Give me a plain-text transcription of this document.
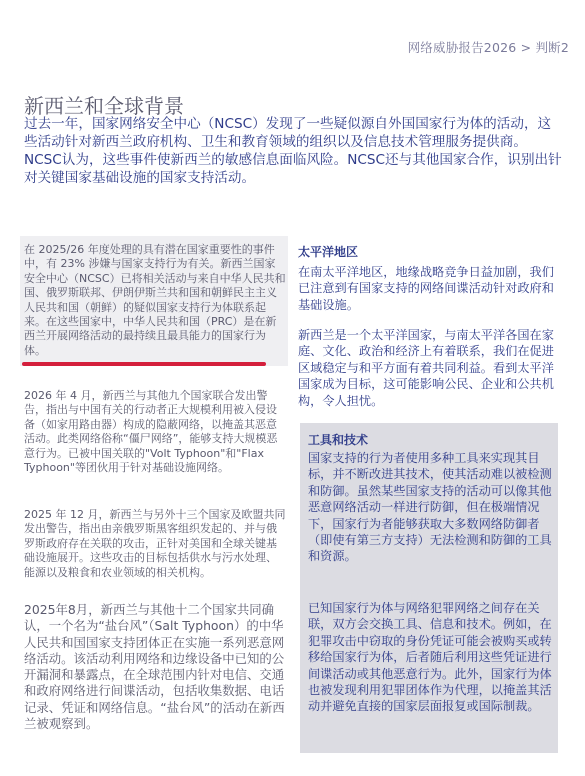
网络威胁报告2026 > 判断2
新西兰和全球背景

过去一年，国家网络安全中心（NCSC）发现了一些疑似源自外国国家行为体的活动，这些活动针对新西兰政府机构、卫生和教育领域的组织以及信息技术管理服务提供商。NCSC认为，这些事件使新西兰的敏感信息面临风险。NCSC还与其他国家合作，识别出针对关键国家基础设施的国家支持活动。

在 2025/26 年度处理的具有潜在国家重要性的事件中，有 23% 涉嫌与国家支持行为有关。新西兰国家安全中心（NCSC）已将相关活动与来自中华人民共和国、俄罗斯联邦、伊朗伊斯兰共和国和朝鲜民主主义人民共和国（朝鲜）的疑似国家支持行为体联系起来。在这些国家中，中华人民共和国（PRC）是在新西兰开展网络活动的最持续且最具能力的国家行为体。

2026 年 4 月，新西兰与其他九个国家联合发出警告，指出与中国有关的行动者正大规模利用被入侵设备（如家用路由器）构成的隐蔽网络，以掩盖其恶意活动。此类网络俗称“僵尸网络”，能够支持大规模恶意行为。已被中国关联的"Volt Typhoon"和"Flax Typhoon"等团伙用于针对基础设施网络。

2025 年 12 月，新西兰与另外十三个国家及欧盟共同发出警告，指出由亲俄罗斯黑客组织发起的、并与俄罗斯政府存在关联的攻击，正针对美国和全球关键基础设施展开。这些攻击的目标包括供水与污水处理、能源以及粮食和农业领域的相关机构。

2025年8月，新西兰与其他十二个国家共同确认，一个名为“盐台风”（Salt Typhoon）的中华人民共和国国家支持团体正在实施一系列恶意网络活动。该活动利用网络和边缘设备中已知的公开漏洞和暴露点，在全球范围内针对电信、交通和政府网络进行间谍活动，包括收集数据、电话记录、凭证和网络信息。“盐台风”的活动在新西兰被观察到。

太平洋地区

在南太平洋地区，地缘战略竞争日益加剧，我们已注意到有国家支持的网络间谍活动针对政府和基础设施。

新西兰是一个太平洋国家，与南太平洋各国在家庭、文化、政治和经济上有着联系，我们在促进区域稳定与和平方面有着共同利益。看到太平洋国家成为目标，这可能影响公民、企业和公共机构，令人担忧。

工具和技术

国家支持的行为者使用多种工具来实现其目标，并不断改进其技术，使其活动难以被检测和防御。虽然某些国家支持的活动可以像其他恶意网络活动一样进行防御，但在极端情况下，国家行为者能够获取大多数网络防御者（即使有第三方支持）无法检测和防御的工具和资源。

已知国家行为体与网络犯罪网络之间存在关联，双方会交换工具、信息和技术。例如，在犯罪攻击中窃取的身份凭证可能会被购买或转移给国家行为体，后者随后利用这些凭证进行间谍活动或其他恶意行为。此外，国家行为体也被发现利用犯罪团体作为代理，以掩盖其活动并避免直接的国家层面报复或国际制裁。
